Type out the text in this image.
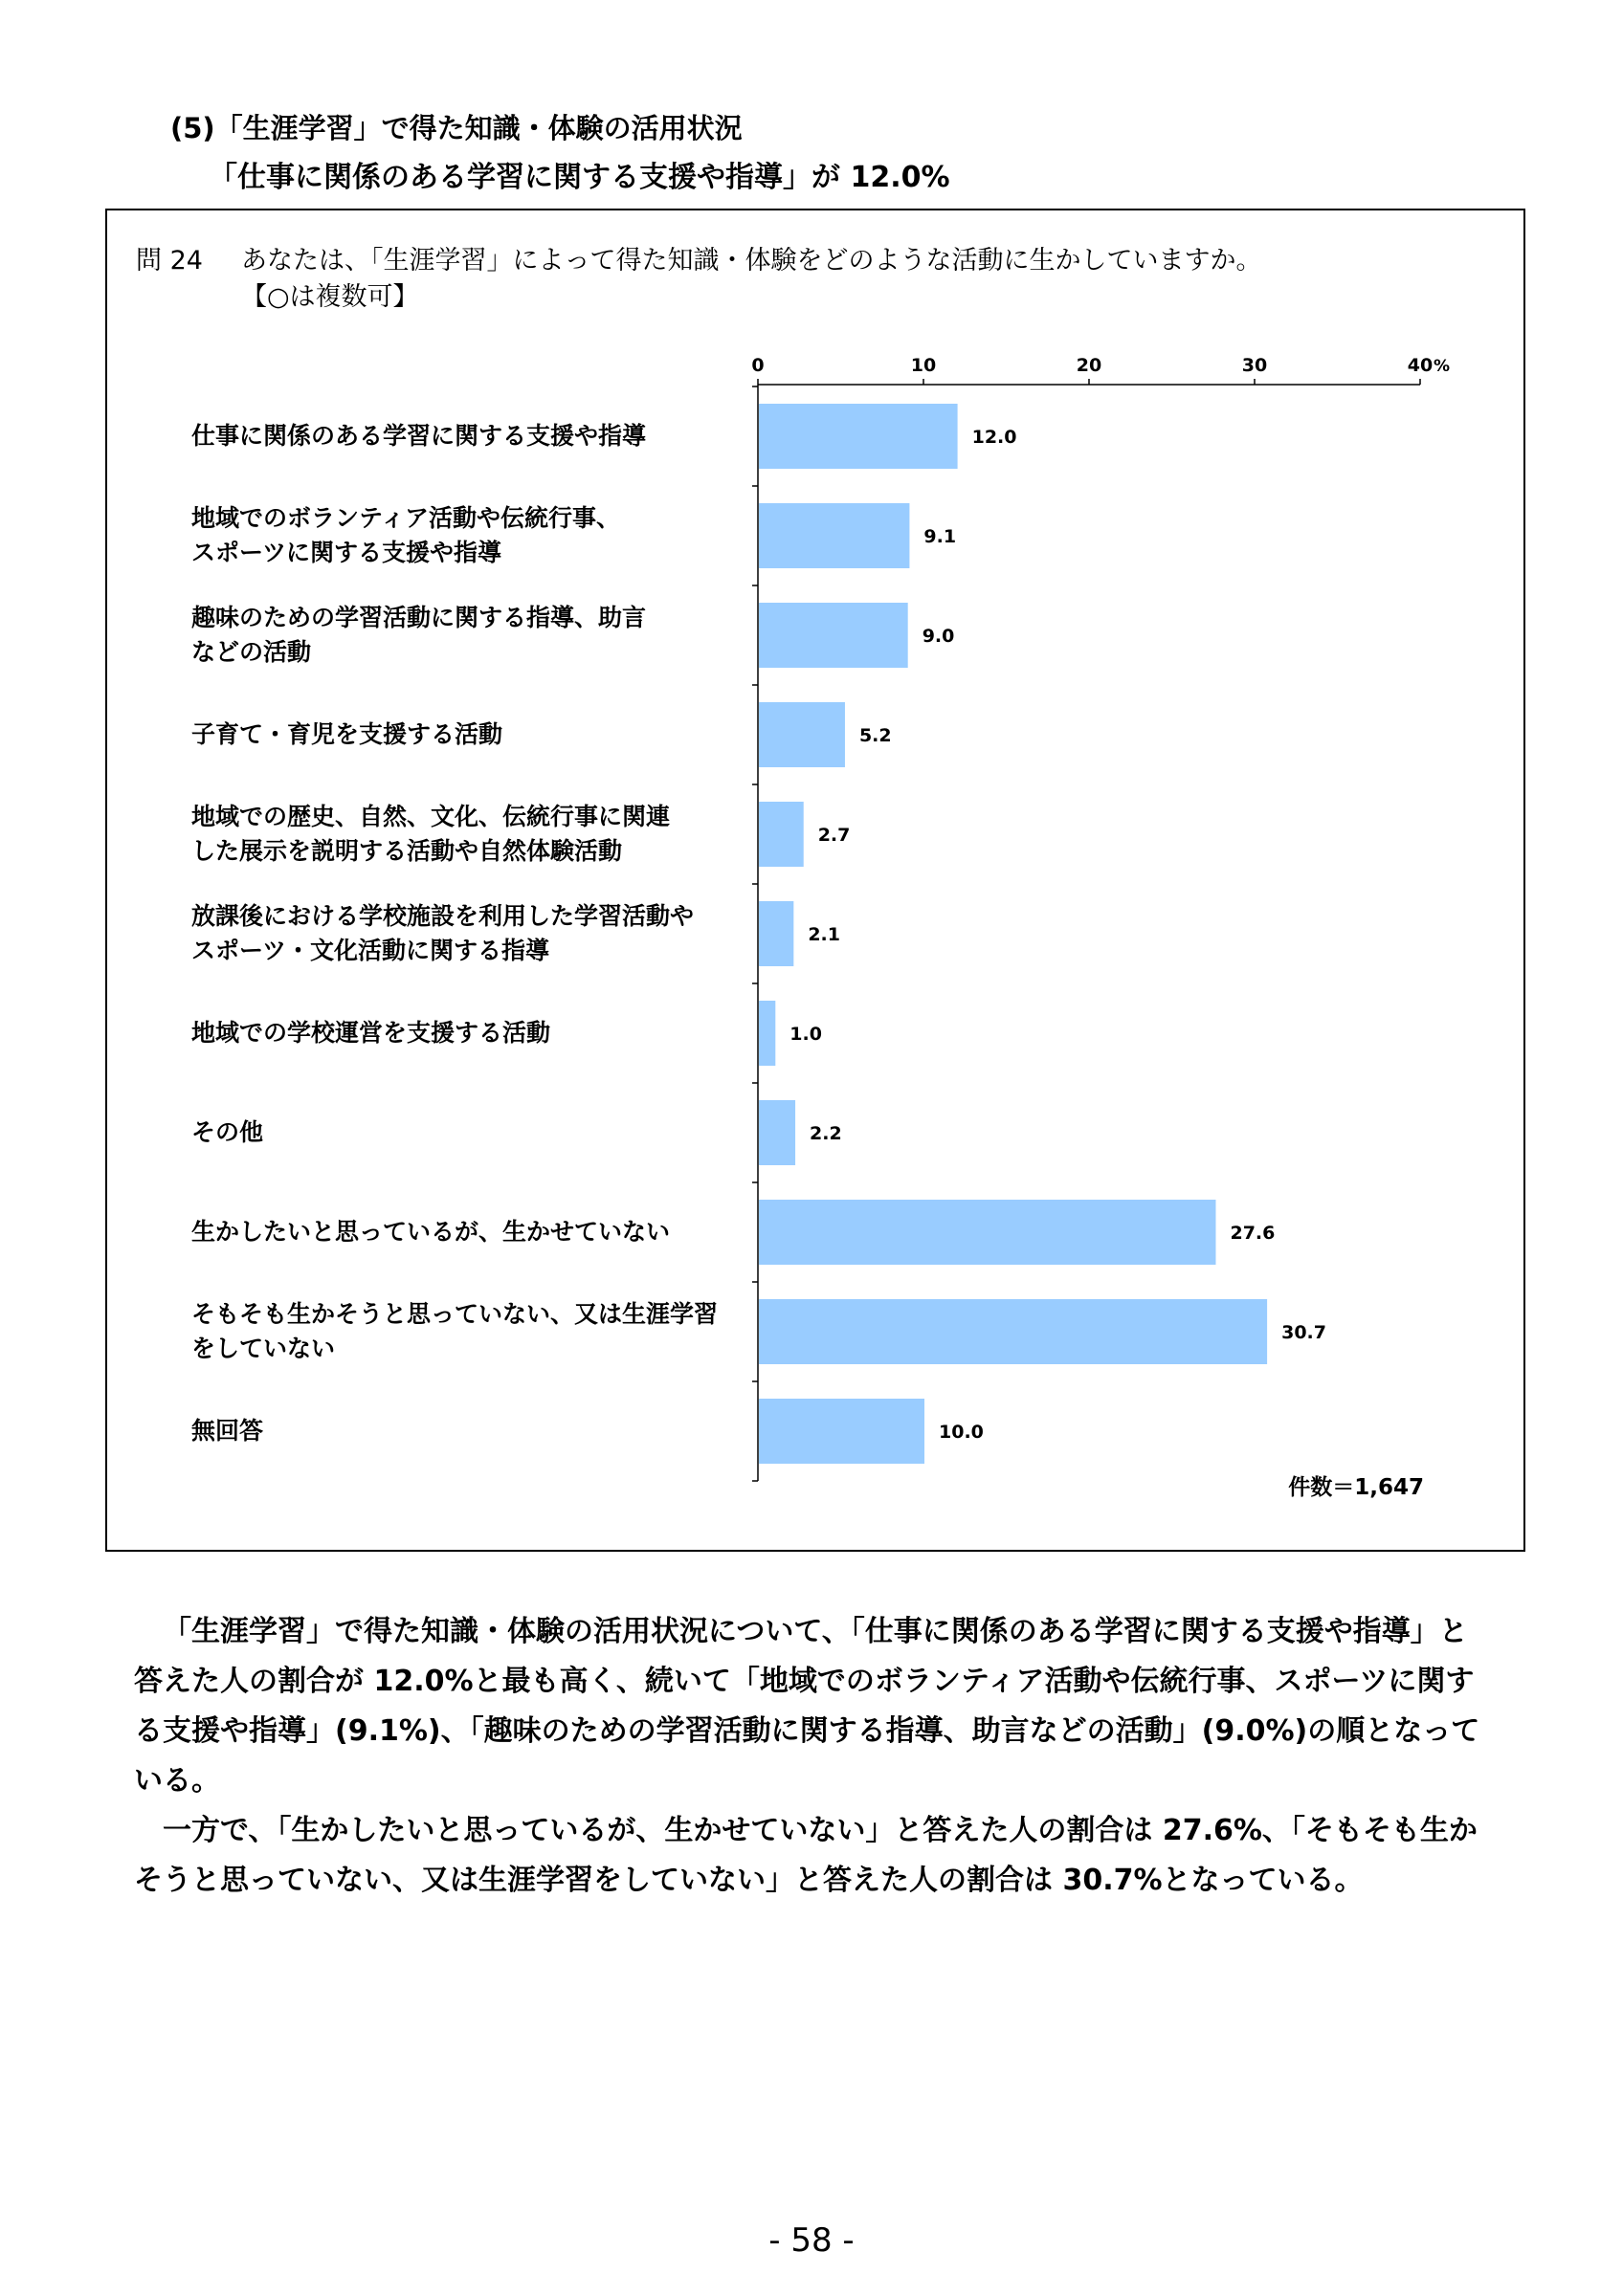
(5)「生涯学習」で得た知識・体験の活用状況
「仕事に関係のある学習に関する支援や指導」が 12.0%
問 24 あなたは、「生涯学習」によって得た知識・体験をどのような活動に生かしていますか。
【○は複数可】
仕事に関係のある学習に関する支援や指導
地域でのボランティア活動や伝統行事、
スポーツに関する支援や指導
趣味のための学習活動に関する指導、助言
などの活動
子育て・育児を支援する活動
地域での歴史、自然、文化、伝統行事に関連
した展示を説明する活動や自然体験活動
放課後における学校施設を利用した学習活動や
スポーツ・文化活動に関する指導
地域での学校運営を支援する活動
その他
生かしたいと思っているが、生かせていない
そもそも生かそうと思っていない、又は生涯学習
をしていない
無回答
0	10	20	30	40 %
12.0
9.1
9.0
5.2
2.7
2.1
1.0
2.2
27.6
30.7
10.0
件数＝1,647

「生涯学習」で得た知識・体験の活用状況について、「仕事に関係のある学習に関する支援や指導」と答えた人の割合が 12.0%と最も高く、続いて「地域でのボランティア活動や伝統行事、スポーツに関する支援や指導」(9.1%)、「趣味のための学習活動に関する指導、助言などの活動」(9.0%)の順となっている。

一方で、「生かしたいと思っているが、生かせていない」と答えた人の割合は 27.6%、「そもそも生かそうと思っていない、又は生涯学習をしていない」と答えた人の割合は 30.7%となっている。

- 58 -
